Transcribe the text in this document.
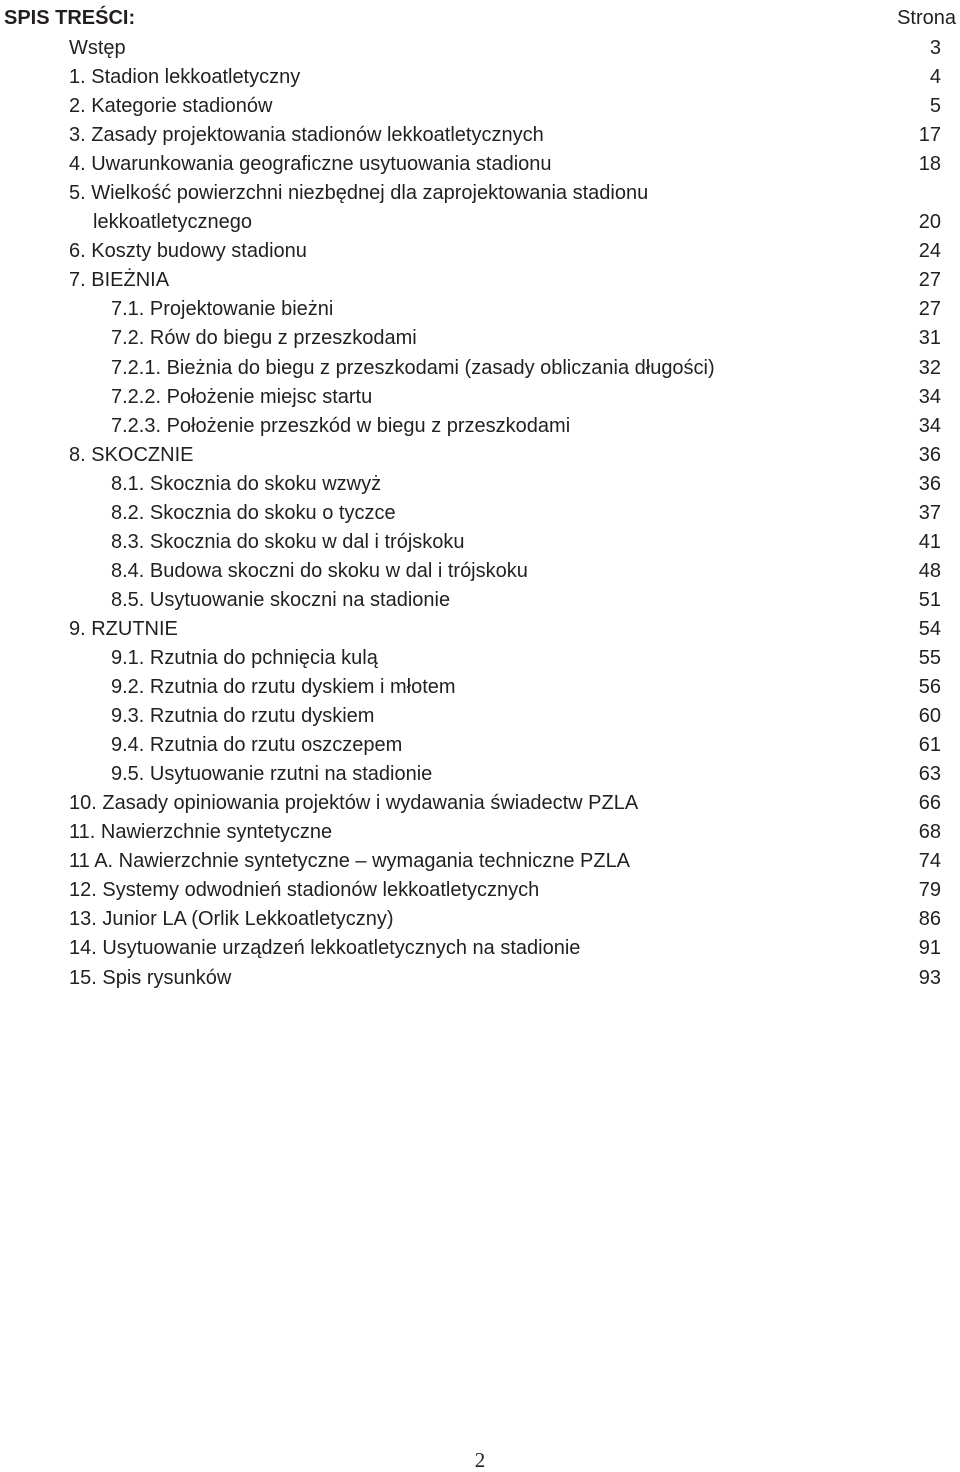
SPIS TREŚCI:	Strona
Wstęp	3
1. Stadion lekkoatletyczny	4
2. Kategorie stadionów	5
3. Zasady projektowania stadionów lekkoatletycznych	17
4. Uwarunkowania geograficzne usytuowania stadionu	18
5. Wielkość powierzchni niezbędnej dla zaprojektowania stadionu
lekkoatletycznego	20
6. Koszty budowy stadionu	24
7. BIEŻNIA	27
7.1. Projektowanie bieżni	27
7.2. Rów do biegu z przeszkodami	31
7.2.1. Bieżnia do biegu z przeszkodami (zasady obliczania długości)	32
7.2.2. Położenie miejsc startu	34
7.2.3. Położenie przeszkód w biegu z przeszkodami	34
8. SKOCZNIE	36
8.1. Skocznia do skoku wzwyż	36
8.2. Skocznia do skoku o tyczce	37
8.3. Skocznia do skoku w dal i trójskoku	41
8.4. Budowa skoczni do skoku w dal i trójskoku	48
8.5. Usytuowanie skoczni na stadionie	51
9. RZUTNIE	54
9.1. Rzutnia do pchnięcia kulą	55
9.2. Rzutnia do rzutu dyskiem i młotem	56
9.3. Rzutnia do rzutu dyskiem	60
9.4. Rzutnia do rzutu oszczepem	61
9.5. Usytuowanie rzutni na stadionie	63
10. Zasady opiniowania projektów i wydawania świadectw PZLA	66
11. Nawierzchnie syntetyczne	68
11 A. Nawierzchnie syntetyczne – wymagania techniczne PZLA	74
12. Systemy odwodnień stadionów lekkoatletycznych	79
13. Junior LA (Orlik Lekkoatletyczny)	86
14. Usytuowanie urządzeń lekkoatletycznych na stadionie	91
15. Spis rysunków	93
2
